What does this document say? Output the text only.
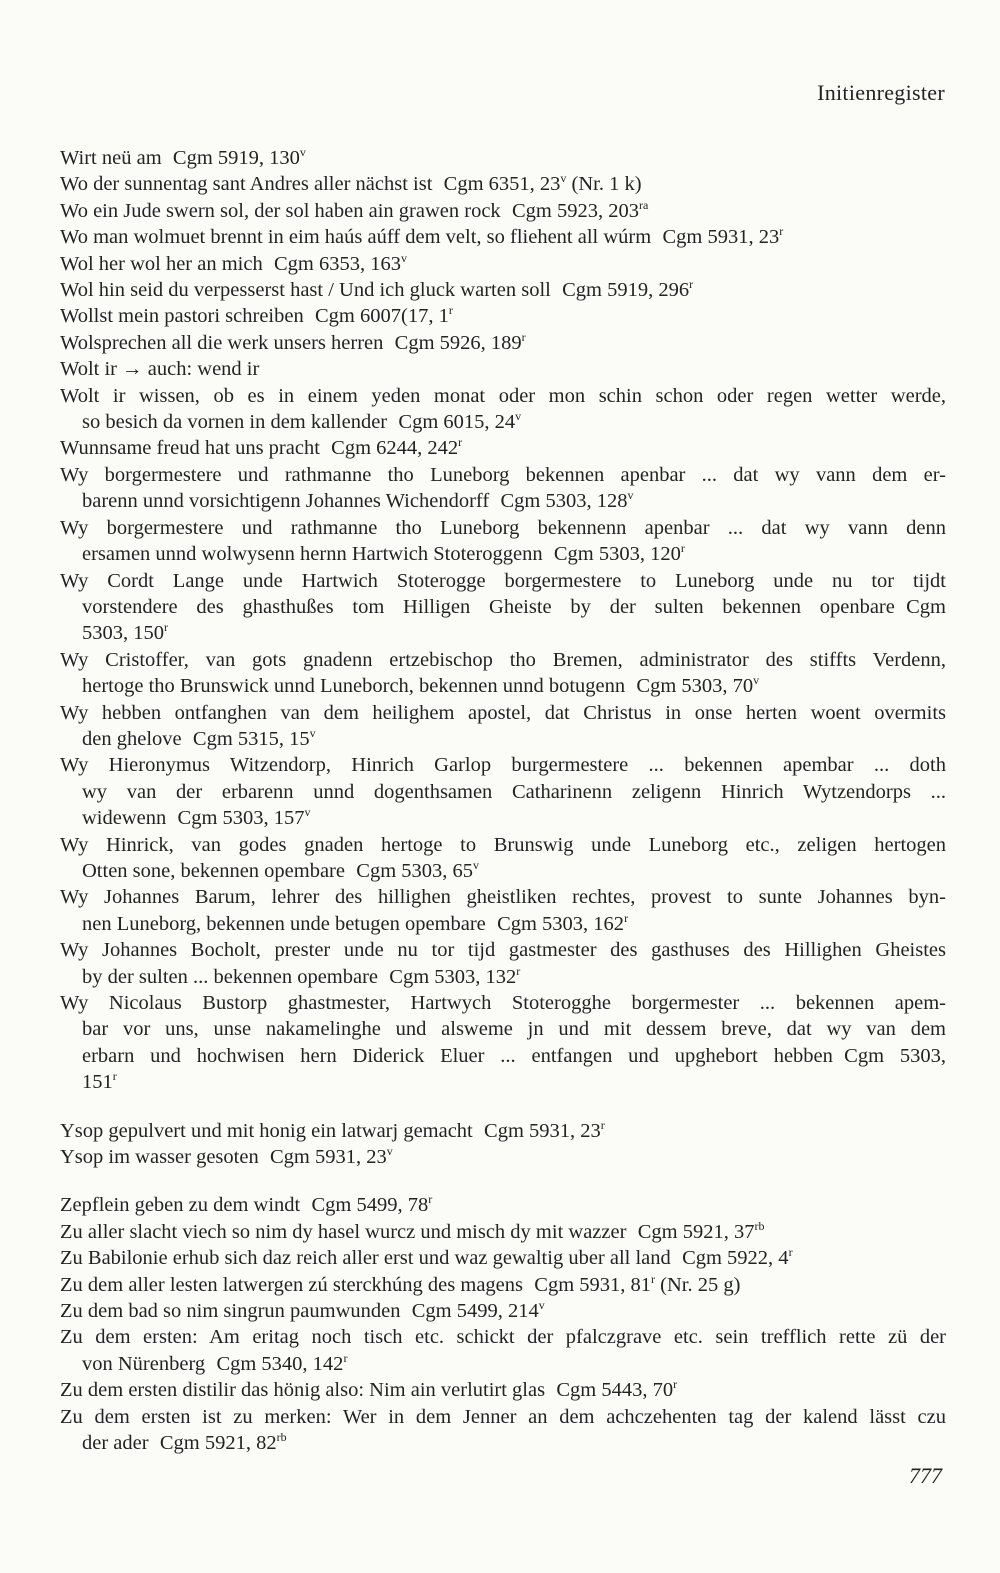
Initienregister
Wirt neü am Cgm 5919, 130$^v$
Wo der sunnentag sant Andres aller nächst ist Cgm 6351, 23$^v$ (Nr. 1 k)
Wo ein Jude swern sol, der sol haben ain grawen rock Cgm 5923, $203^{ra}$
Wo man wolmuet brennt in eim haús aúff dem velt, so fliehent all wúrm Cgm 5931, 23$^r$
Wol her wol her an mich Cgm 6353, 163$^v$
Wol hin seid du verpesserst hast / Und ich gluck warten soll Cgm 5919, 296$^r$
Wollst mein pastori schreiben Cgm 6007(17, 1$^r$
Wolsprechen all die werk unsers herren Cgm 5926, 189$^r$
Wolt ir → auch: wend ir
Wolt ir wissen, ob es in einem yeden monat oder mon schin schon oder regen wetter werde,
so besich da vornen in dem kallender Cgm 6015, 24$^v$
Wunnsame freud hat uns pracht Cgm 6244, 242$^r$
Wy borgermestere und rathmanne tho Luneborg bekennen apenbar ... dat wy vann dem er-
barenn unnd vorsichtigenn Johannes Wichendorff Cgm 5303, 128$^v$
Wy borgermestere und rathmanne tho Luneborg bekennenn apenbar ... dat wy vann denn
ersamen unnd wolwysenn hernn Hartwich Stoteroggenn Cgm 5303, 120$^r$
Wy Cordt Lange unde Hartwich Stoterogge borgermestere to Luneborg unde nu tor tijdt
vorstendere des ghasthußes tom Hilligen Gheiste by der sulten bekennen openbare Cgm
5303, 150$^r$
Wy Cristoffer, van gots gnadenn ertzebischop tho Bremen, administrator des stiffts Verdenn,
hertoge tho Brunswick unnd Luneborch, bekennen unnd botugenn Cgm 5303, 70$^v$
Wy hebben ontfanghen van dem heilighem apostel, dat Christus in onse herten woent overmits
den ghelove Cgm 5315, 15$^v$
Wy Hieronymus Witzendorp, Hinrich Garlop burgermestere ... bekennen apembar ... doth
wy van der erbarenn unnd dogenthsamen Catharinenn zeligenn Hinrich Wytzendorps ...
widewenn Cgm 5303, 157$^v$
Wy Hinrick, van godes gnaden hertoge to Brunswig unde Luneborg etc., zeligen hertogen
Otten sone, bekennen opembare Cgm 5303, 65$^v$
Wy Johannes Barum, lehrer des hillighen gheistliken rechtes, provest to sunte Johannes byn-
nen Luneborg, bekennen unde betugen opembare Cgm 5303, 162$^r$
Wy Johannes Bocholt, prester unde nu tor tijd gastmester des gasthuses des Hillighen Gheistes
by der sulten ... bekennen opembare Cgm 5303, 132$^r$
Wy Nicolaus Bustorp ghastmester, Hartwych Stoterogghe borgermester ... bekennen apem-
bar vor uns, unse nakamelinghe und alsweme jn und mit dessem breve, dat wy van dem
erbarn und hochwisen hern Diderick Eluer ... entfangen und upghebort hebben Cgm 5303,
151$^r$
Ysop gepulvert und mit honig ein latwarj gemacht Cgm 5931, 23$^r$
Ysop im wasser gesoten Cgm 5931, 23$^v$
Zepflein geben zu dem windt Cgm 5499, 78$^r$
Zu aller slacht viech so nim dy hasel wurcz und misch dy mit wazzer Cgm 5921, $37^{rb}$
Zu Babilonie erhub sich daz reich aller erst und waz gewaltig uber all land Cgm 5922, 4$^r$
Zu dem aller lesten latwergen zú sterckhúng des magens Cgm 5931, 81$^r$ (Nr. 25 g)
Zu dem bad so nim singrun paumwunden Cgm 5499, 214$^v$
Zu dem ersten: Am eritag noch tisch etc. schickt der pfalczgrave etc. sein trefflich rette zü der
von Nürenberg Cgm 5340, 142$^r$
Zu dem ersten distilir das hönig also: Nim ain verlutirt glas Cgm 5443, 70$^r$
Zu dem ersten ist zu merken: Wer in dem Jenner an dem achczehenten tag der kalend lässt czu
der ader Cgm 5921, $82^{rb}$
777
